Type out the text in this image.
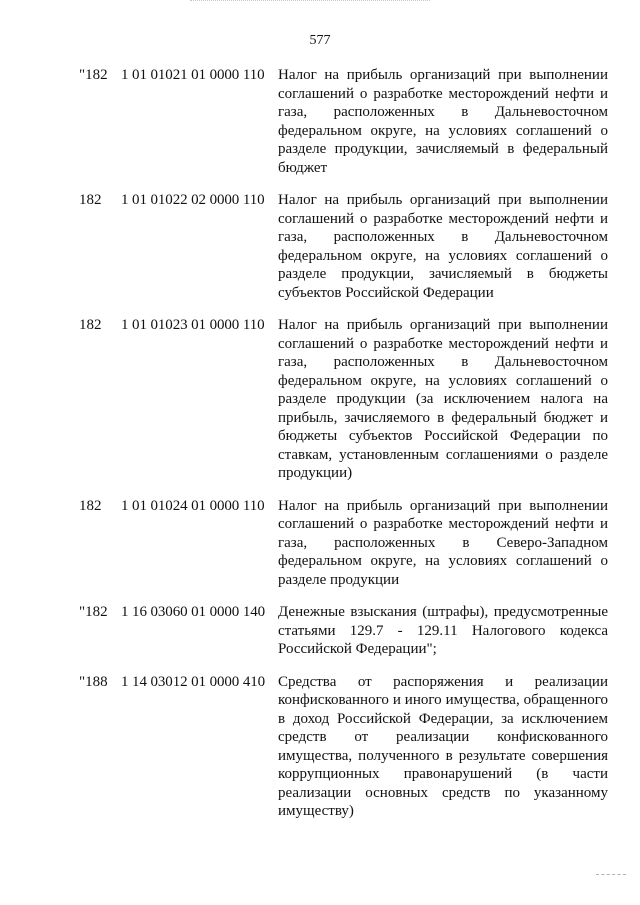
577
"182 1 01 01021 01 0000 110 Налог на прибыль организаций при выполнении соглашений о разработке месторождений нефти и газа, расположенных в Дальневосточном федеральном округе, на условиях соглашений о разделе продукции, зачисляемый в федеральный бюджет
182 1 01 01022 02 0000 110 Налог на прибыль организаций при выполнении соглашений о разработке месторождений нефти и газа, расположенных в Дальневосточном федеральном округе, на условиях соглашений о разделе продукции, зачисляемый в бюджеты субъектов Российской Федерации
182 1 01 01023 01 0000 110 Налог на прибыль организаций при выполнении соглашений о разработке месторождений нефти и газа, расположенных в Дальневосточном федеральном округе, на условиях соглашений о разделе продукции (за исключением налога на прибыль, зачисляемого в федеральный бюджет и бюджеты субъектов Российской Федерации по ставкам, установленным соглашениями о разделе продукции)
182 1 01 01024 01 0000 110 Налог на прибыль организаций при выполнении соглашений о разработке месторождений нефти и газа, расположенных в Северо-Западном федеральном округе, на условиях соглашений о разделе продукции
"182 1 16 03060 01 0000 140 Денежные взыскания (штрафы), предусмотренные статьями 129.7 - 129.11 Налогового кодекса Российской Федерации";
"188 1 14 03012 01 0000 410 Средства от распоряжения и реализации конфискованного и иного имущества, обращенного в доход Российской Федерации, за исключением средств от реализации конфискованного имущества, полученного в результате совершения коррупционных правонарушений (в части реализации основных средств по указанному имуществу)
